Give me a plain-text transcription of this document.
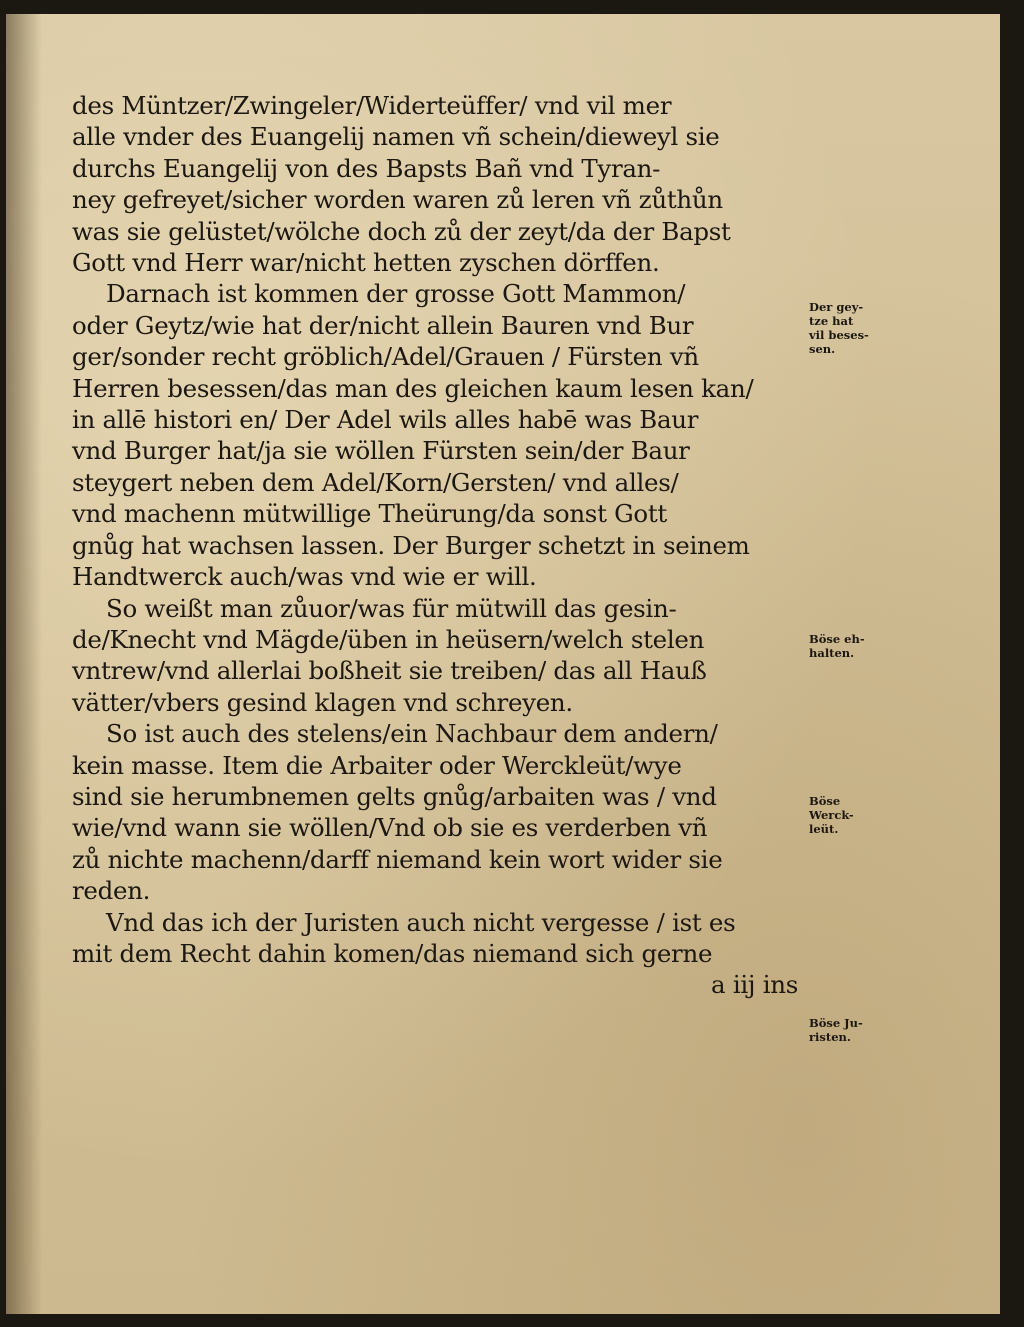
des Müntzer/Zwingeler/Widerteüffer/ vnd vil mer
alle vnder des Euangelij namen vñ schein/dieweyl sie
durchs Euangelij von des Bapsts Bañ vnd Tyran-
ney gefreyet/sicher worden waren zů leren vñ zůthůn
was sie gelüstet/wölche doch zů der zeyt/da der Bapst
Gott vnd Herr war/nicht hetten zyschen dörffen.
Darnach ist kommen der grosse Gott Mammon/
oder Geytz/wie hat der/nicht allein Bauren vnd Bur
ger/sonder recht gröblich/Adel/Grauen / Fürsten vñ
Herren besessen/das man des gleichen kaum lesen kan/
in allē histori en/ Der Adel wils alles habē was Baur
vnd Burger hat/ja sie wöllen Fürsten sein/der Baur
steygert neben dem Adel/Korn/Gersten/ vnd alles/
vnd machenn mütwillige Theürung/da sonst Gott
gnůg hat wachsen lassen. Der Burger schetzt in seinem
Handtwerck auch/was vnd wie er will.
So weißt man zůuor/was für mütwill das gesin-
de/Knecht vnd Mägde/üben in heüsern/welch stelen
vntrew/vnd allerlai boßheit sie treiben/ das all Hauß
vätter/vbers gesind klagen vnd schreyen.
So ist auch des stelens/ein Nachbaur dem andern/
kein masse. Item die Arbaiter oder Werckleüt/wye
sind sie herumbnemen gelts gnůg/arbaiten was / vnd
wie/vnd wann sie wöllen/Vnd ob sie es verderben vñ
zů nichte machenn/darff niemand kein wort wider sie
reden.
Vnd das ich der Juristen auch nicht vergesse / ist es
mit dem Recht dahin komen/das niemand sich gerne
a iij ins
Der gey-
tze hat
vil beses-
sen.
Böse eh-
halten.
Böse
Werck-
leüt.
Böse Ju-
risten.
